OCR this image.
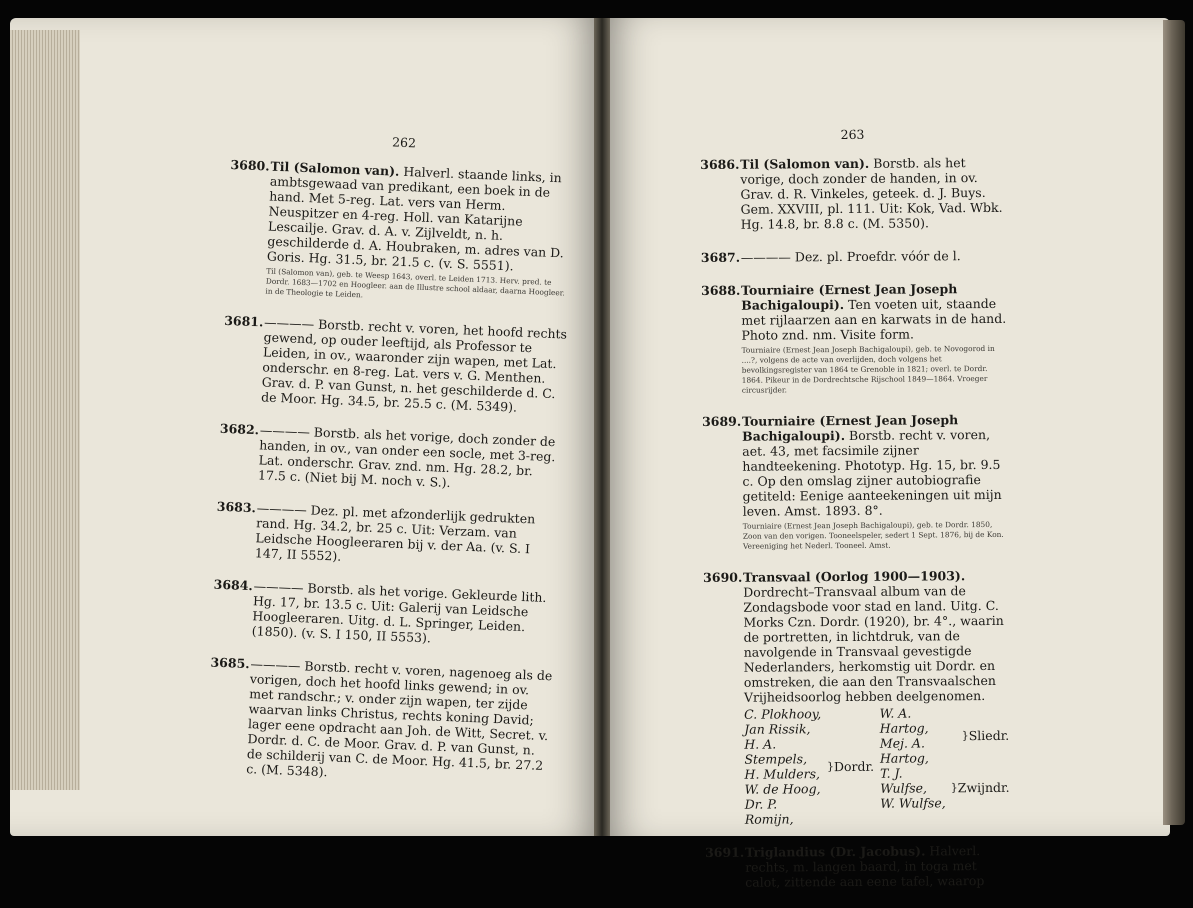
262
3680. Til (Salomon van). Halverl. staande links, in ambtsgewaad van predikant, een boek in de hand. Met 5-reg. Lat. vers van Herm. Neuspitzer en 4-reg. Holl. van Katarijne Lescailje. Grav. d. A. v. Zijlveldt, n. h. geschilderde d. A. Houbraken, m. adres van D. Goris. Hg. 31.5, br. 21.5 c. (v. S. 5551).
Til (Salomon van), geb. te Weesp 1643, overl. te Leiden 1713. Herv. pred. te Dordr. 1683—1702 en Hoogleer. aan de Illustre school aldaar, daarna Hoogleer. in de Theologie te Leiden.
3681. ———— Borstb. recht v. voren, het hoofd rechts gewend, op ouder leeftijd, als Professor te Leiden, in ov., waaronder zijn wapen, met Lat. onderschr. en 8-reg. Lat. vers v. G. Menthen. Grav. d. P. van Gunst, n. het geschilderde d. C. de Moor. Hg. 34.5, br. 25.5 c. (M. 5349).
3682. ———— Borstb. als het vorige, doch zonder de handen, in ov., van onder een socle, met 3-reg. Lat. onderschr. Grav. znd. nm. Hg. 28.2, br. 17.5 c. (Niet bij M. noch v. S.).
3683. ———— Dez. pl. met afzonderlijk gedrukten rand. Hg. 34.2, br. 25 c. Uit: Verzam. van Leidsche Hoogleeraren bij v. der Aa. (v. S. I 147, II 5552).
3684. ———— Borstb. als het vorige. Gekleurde lith. Hg. 17, br. 13.5 c. Uit: Galerij van Leidsche Hoogleeraren. Uitg. d. L. Springer, Leiden. (1850). (v. S. I 150, II 5553).
3685. ———— Borstb. recht v. voren, nagenoeg als de vorigen, doch het hoofd links gewend; in ov. met randschr.; v. onder zijn wapen, ter zijde waarvan links Christus, rechts koning David; lager eene opdracht aan Joh. de Witt, Secret. v. Dordr. d. C. de Moor. Grav. d. P. van Gunst, n. de schilderij van C. de Moor. Hg. 41.5, br. 27.2 c. (M. 5348).
263
3686. Til (Salomon van). Borstb. als het vorige, doch zonder de handen, in ov. Grav. d. R. Vinkeles, geteek. d. J. Buys. Gem. XXVIII, pl. 111. Uit: Kok, Vad. Wbk. Hg. 14.8, br. 8.8 c. (M. 5350).
3687. ———— Dez. pl. Proefdr. vóór de l.
3688. Tourniaire (Ernest Jean Joseph Bachigaloupi). Ten voeten uit, staande met rijlaarzen aan en karwats in de hand. Photo znd. nm. Visite form.
Tourniaire (Ernest Jean Joseph Bachigaloupi), geb. te Novogorod in ....?, volgens de acte van overlijden, doch volgens het bevolkingsregister van 1864 te Grenoble in 1821; overl. te Dordr. 1864. Pikeur in de Dordrechtsche Rijschool 1849—1864. Vroeger circusrijder.
3689. Tourniaire (Ernest Jean Joseph Bachigaloupi). Borstb. recht v. voren, aet. 43, met facsimile zijner handteekening. Phototyp. Hg. 15, br. 9.5 c. Op den omslag zijner autobiografie getiteld: Eenige aanteekeningen uit mijn leven. Amst. 1893. 8°.
Tourniaire (Ernest Jean Joseph Bachigaloupi), geb. te Dordr. 1850, Zoon van den vorigen. Tooneelspeler, sedert 1 Sept. 1876, bij de Kon. Vereeniging het Nederl. Tooneel. Amst.
3690. Transvaal (Oorlog 1900—1903). Dordrecht–Transvaal album van de Zondagsbode voor stad en land. Uitg. C. Morks Czn. Dordr. (1920), br. 4°., waarin de portretten, in lichtdruk, van de navolgende in Transvaal gevestigde Nederlanders, herkomstig uit Dordr. en omstreken, die aan den Transvaalschen Vrijheidsoorlog hebben deelgenomen.
C. Plokhooy,
Jan Rissik,
H. A. Stempels,
H. Mulders,
W. de Hoog,
Dr. P. Romijn,
} Dordr.
W. A. Hartog,
Mej. A. Hartog,
} Sliedr.
T. J. Wulfse,
W. Wulfse,
} Zwijndr.
3691. Triglandius (Dr. Jacobus). Halverl. rechts, m. langen baard, in toga met calot, zittende aan eene tafel, waarop
